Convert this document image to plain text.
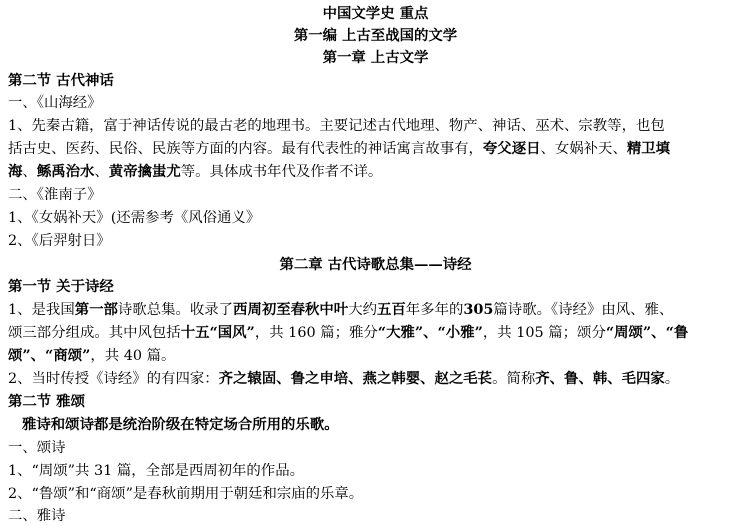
中国文学史 重点
第一编 上古至战国的文学
第一章 上古文学
第二节 古代神话
一、《山海经》
1、先秦古籍，富于神话传说的最古老的地理书。主要记述古代地理、物产、神话、巫术、宗教等，也包
括古史、医药、民俗、民族等方面的内容。最有代表性的神话寓言故事有，夸父逐日、女娲补天、精卫填
海、鲧禹治水、黄帝擒蚩尤等。具体成书年代及作者不详。
二、《淮南子》
1、《女娲补天》(还需参考《风俗通义》
2、《后羿射日》
第二章 古代诗歌总集——诗经
第一节 关于诗经
1、是我国第一部诗歌总集。收录了西周初至春秋中叶大约五百年多年的305篇诗歌。《诗经》由风、雅、
颂三部分组成。其中风包括十五“国风”，共 160 篇；雅分“大雅”、“小雅”，共 105 篇；颂分“周颂”、“鲁
颂”、“商颂”，共 40 篇。
2、当时传授《诗经》的有四家：齐之辕固、鲁之申培、燕之韩婴、赵之毛苌。简称齐、鲁、韩、毛四家。
第二节 雅颂
雅诗和颂诗都是统治阶级在特定场合所用的乐歌。
一、颂诗
1、“周颂”共 31 篇，全部是西周初年的作品。
2、“鲁颂”和“商颂”是春秋前期用于朝廷和宗庙的乐章。
二、雅诗
